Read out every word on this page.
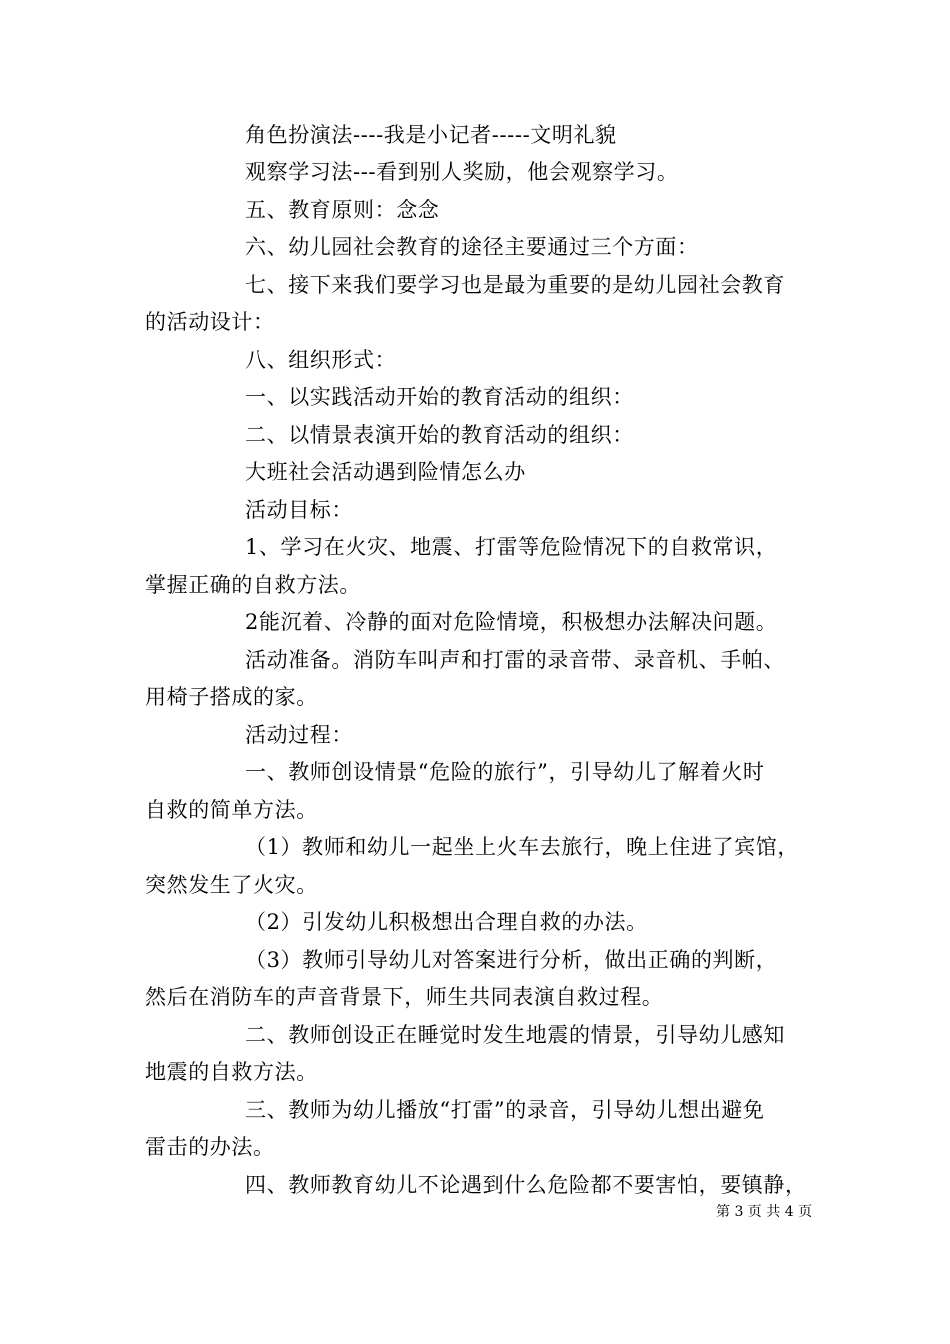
角色扮演法----我是小记者-----文明礼貌
观察学习法---看到别人奖励，他会观察学习。
五、教育原则：念念
六、幼儿园社会教育的途径主要通过三个方面：
七、接下来我们要学习也是最为重要的是幼儿园社会教育
的活动设计：
八、组织形式：
一、以实践活动开始的教育活动的组织：
二、以情景表演开始的教育活动的组织：
大班社会活动遇到险情怎么办
活动目标：
1、学习在火灾、地震、打雷等危险情况下的自救常识，
掌握正确的自救方法。
2能沉着、冷静的面对危险情境，积极想办法解决问题。
活动准备。消防车叫声和打雷的录音带、录音机、手帕、
用椅子搭成的家。
活动过程：
一、教师创设情景“危险的旅行”，引导幼儿了解着火时
自救的简单方法。
（1）教师和幼儿一起坐上火车去旅行，晚上住进了宾馆，
突然发生了火灾。
（2）引发幼儿积极想出合理自救的办法。
（3）教师引导幼儿对答案进行分析，做出正确的判断，
然后在消防车的声音背景下，师生共同表演自救过程。
二、教师创设正在睡觉时发生地震的情景，引导幼儿感知
地震的自救方法。
三、教师为幼儿播放“打雷”的录音，引导幼儿想出避免
雷击的办法。
四、教师教育幼儿不论遇到什么危险都不要害怕，要镇静，
第 3 页 共 4 页
